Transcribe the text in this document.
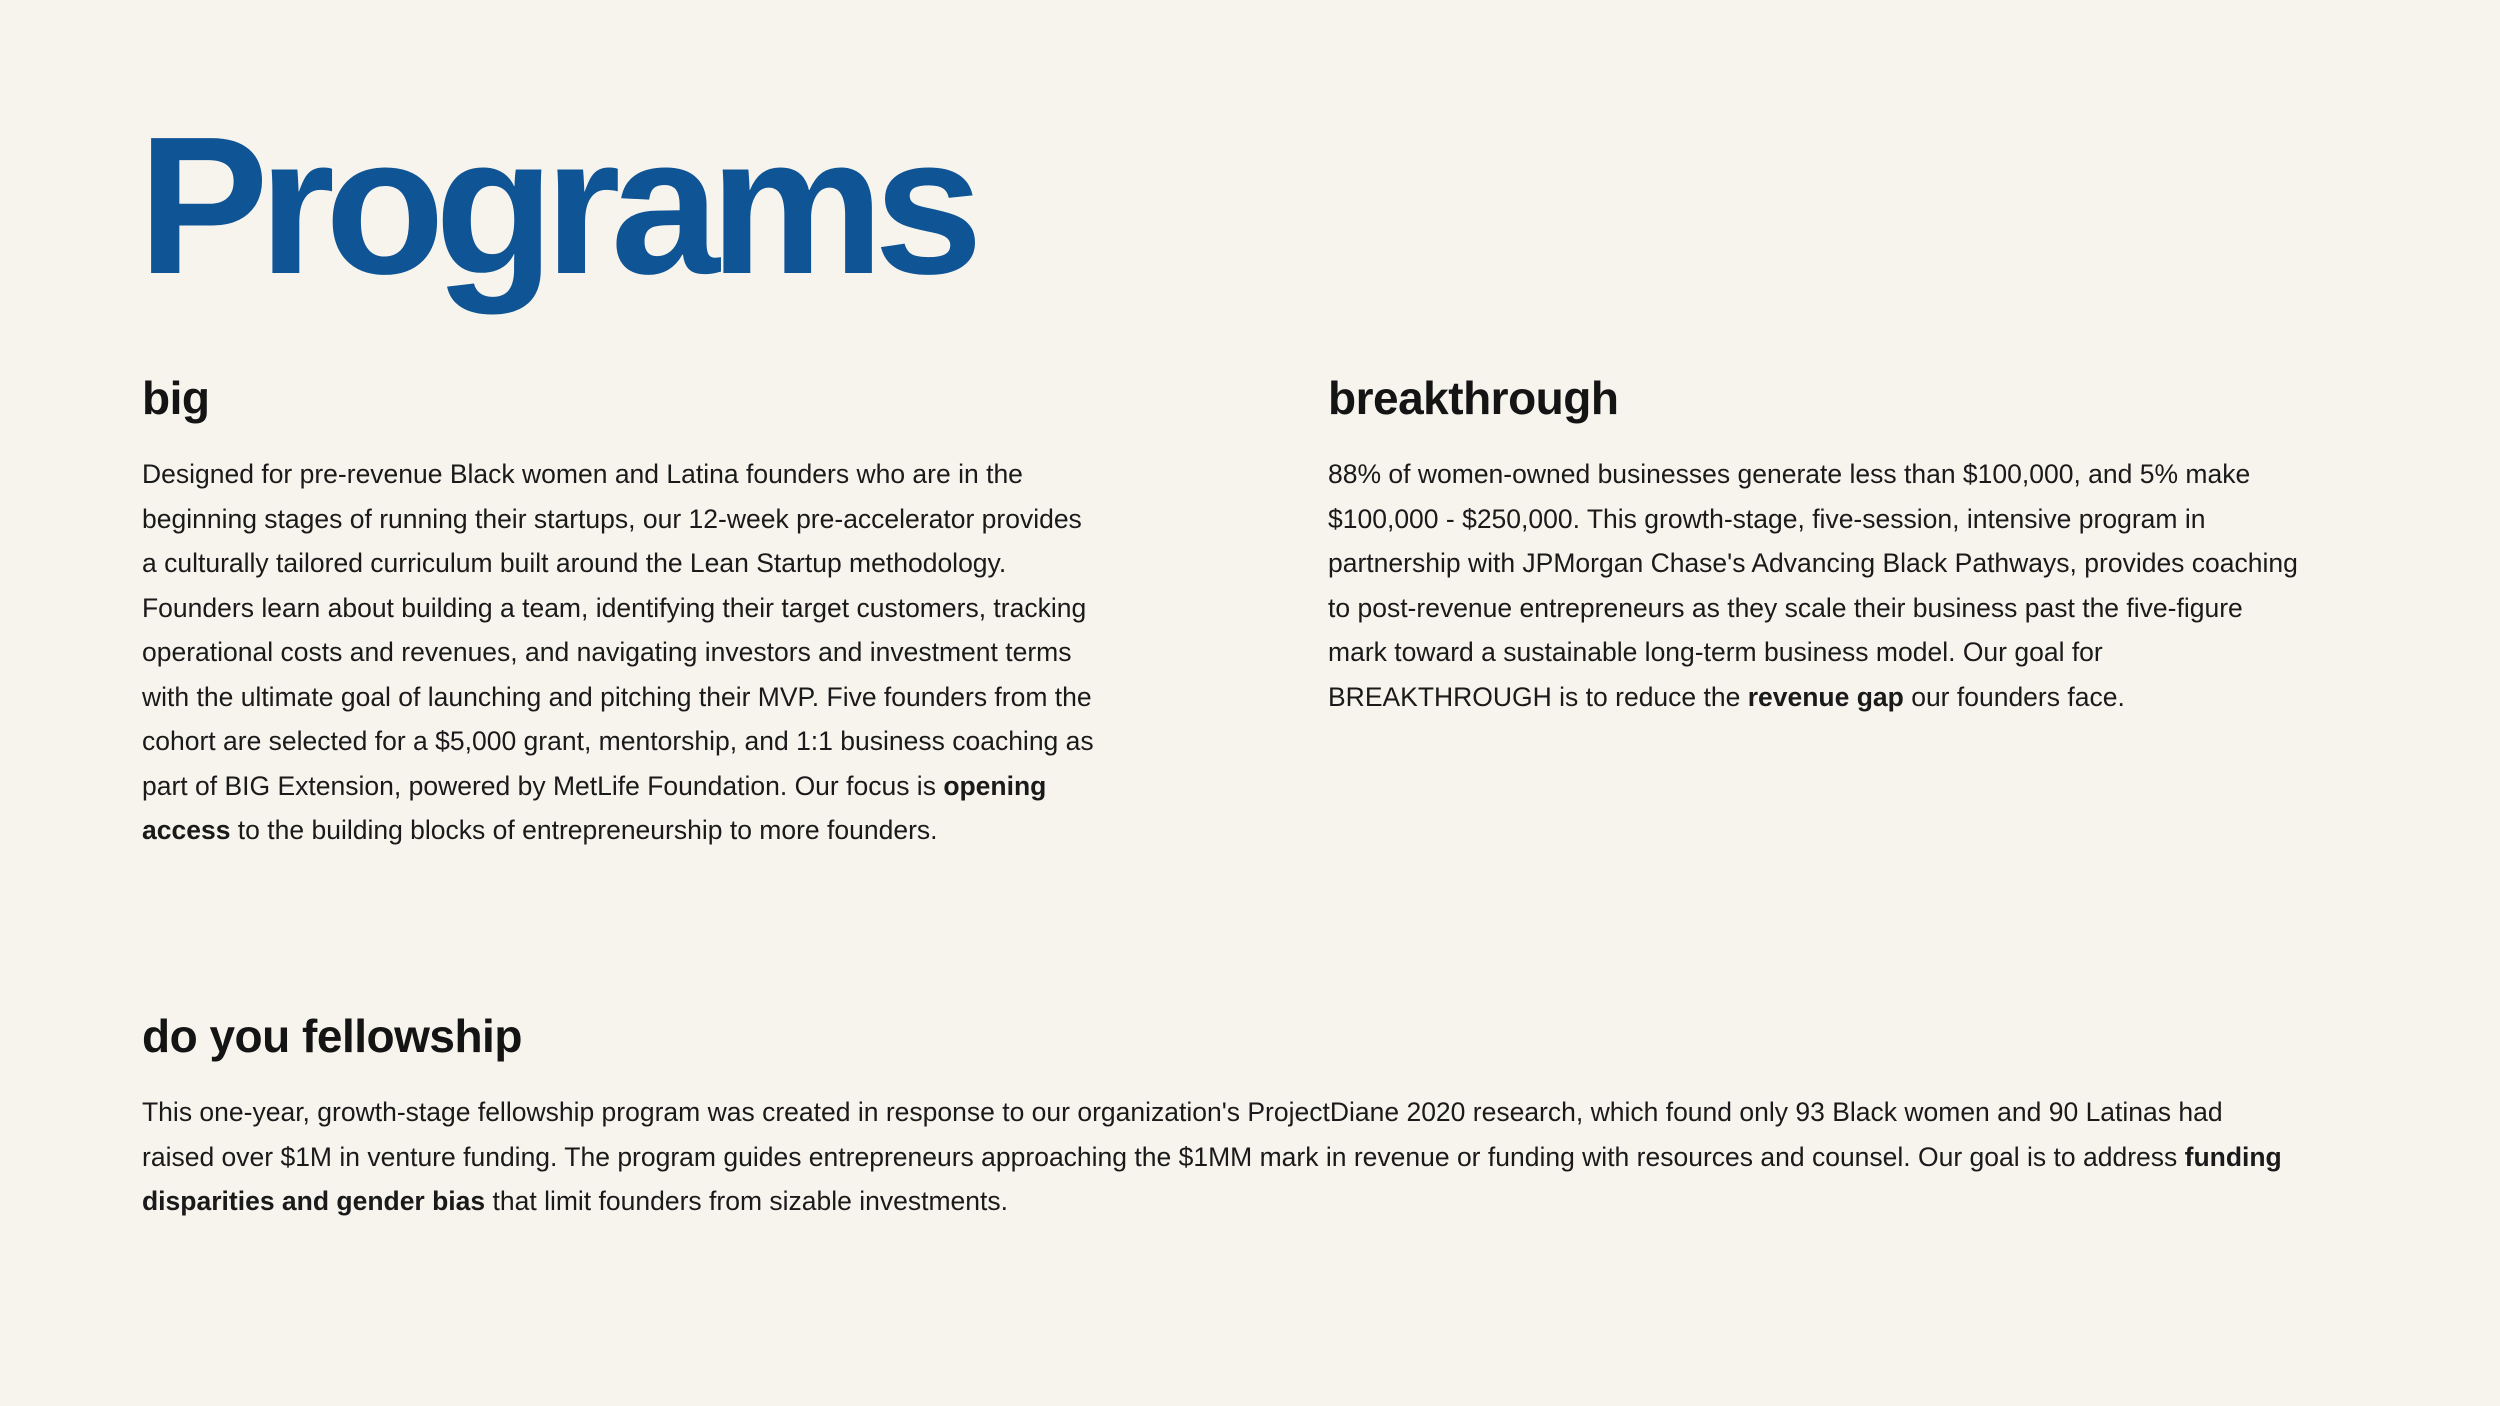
Programs
big

Designed for pre-revenue Black women and Latina founders who are in the beginning stages of running their startups, our 12-week pre-accelerator provides a culturally tailored curriculum built around the Lean Startup methodology. Founders learn about building a team, identifying their target customers, tracking operational costs and revenues, and navigating investors and investment terms with the ultimate goal of launching and pitching their MVP. Five founders from the cohort are selected for a $5,000 grant, mentorship, and 1:1 business coaching as part of BIG Extension, powered by MetLife Foundation. Our focus is opening access to the building blocks of entrepreneurship to more founders.

breakthrough

88% of women-owned businesses generate less than $100,000, and 5% make $100,000 - $250,000. This growth-stage, five-session, intensive program in partnership with JPMorgan Chase's Advancing Black Pathways, provides coaching to post-revenue entrepreneurs as they scale their business past the five-figure mark toward a sustainable long-term business model. Our goal for BREAKTHROUGH is to reduce the revenue gap our founders face.

do you fellowship

This one-year, growth-stage fellowship program was created in response to our organization's ProjectDiane 2020 research, which found only 93 Black women and 90 Latinas had raised over $1M in venture funding. The program guides entrepreneurs approaching the $1MM mark in revenue or funding with resources and counsel. Our goal is to address funding disparities and gender bias that limit founders from sizable investments.
